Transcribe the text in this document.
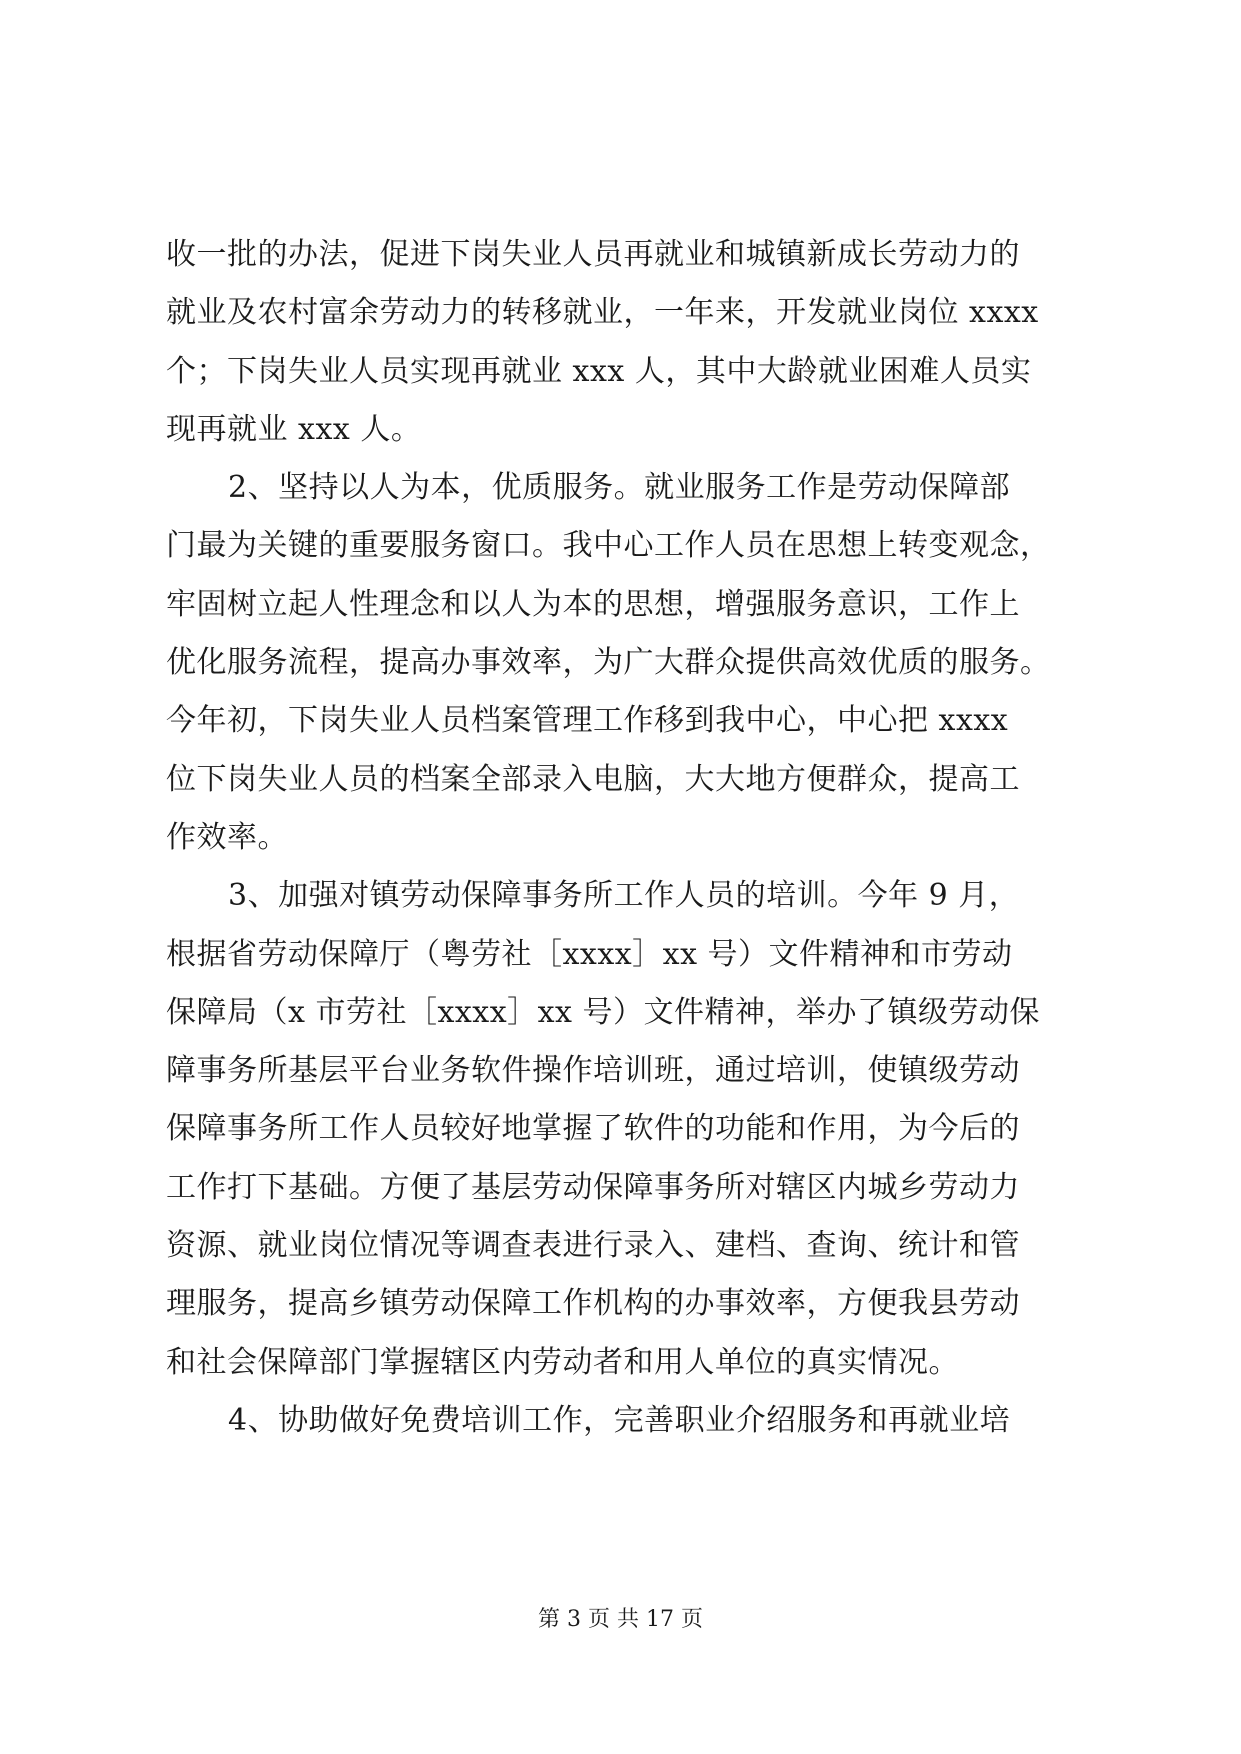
收一批的办法，促进下岗失业人员再就业和城镇新成长劳动力的
就业及农村富余劳动力的转移就业，一年来，开发就业岗位 xxxx
个；下岗失业人员实现再就业 xxx 人，其中大龄就业困难人员实
现再就业 xxx 人。
2、坚持以人为本，优质服务。就业服务工作是劳动保障部
门最为关键的重要服务窗口。我中心工作人员在思想上转变观念，
牢固树立起人性理念和以人为本的思想，增强服务意识，工作上
优化服务流程，提高办事效率，为广大群众提供高效优质的服务。
今年初，下岗失业人员档案管理工作移到我中心，中心把 xxxx
位下岗失业人员的档案全部录入电脑，大大地方便群众，提高工
作效率。
3、加强对镇劳动保障事务所工作人员的培训。今年 9 月，
根据省劳动保障厅（粤劳社［xxxx］xx 号）文件精神和市劳动
保障局（x 市劳社［xxxx］xx 号）文件精神，举办了镇级劳动保
障事务所基层平台业务软件操作培训班，通过培训，使镇级劳动
保障事务所工作人员较好地掌握了软件的功能和作用，为今后的
工作打下基础。方便了基层劳动保障事务所对辖区内城乡劳动力
资源、就业岗位情况等调查表进行录入、建档、查询、统计和管
理服务，提高乡镇劳动保障工作机构的办事效率，方便我县劳动
和社会保障部门掌握辖区内劳动者和用人单位的真实情况。
4、协助做好免费培训工作，完善职业介绍服务和再就业培
第 3 页 共 17 页
